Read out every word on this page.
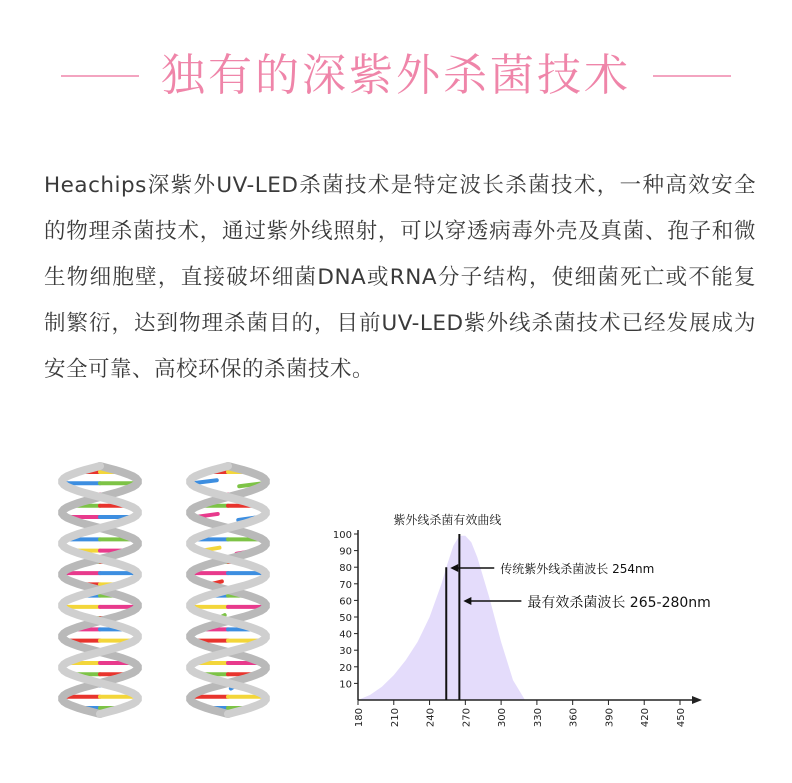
独有的深紫外杀菌技术

Heachips深紫外UV-LED杀菌技术是特定波长杀菌技术，一种高效安全的物理杀菌技术，通过紫外线照射，可以穿透病毒外壳及真菌、孢子和微生物细胞壁，直接破坏细菌DNA或RNA分子结构，使细菌死亡或不能复制繁衍，达到物理杀菌目的，目前UV-LED紫外线杀菌技术已经发展成为安全可靠、高校环保的杀菌技术。

10
20
30
40
50
60
70
80
90
100
180 210 240 270 300 330 360 390 420 450
紫外线杀菌有效曲线
传统紫外线杀菌波长 254nm
最有效杀菌波长 265-280nm
